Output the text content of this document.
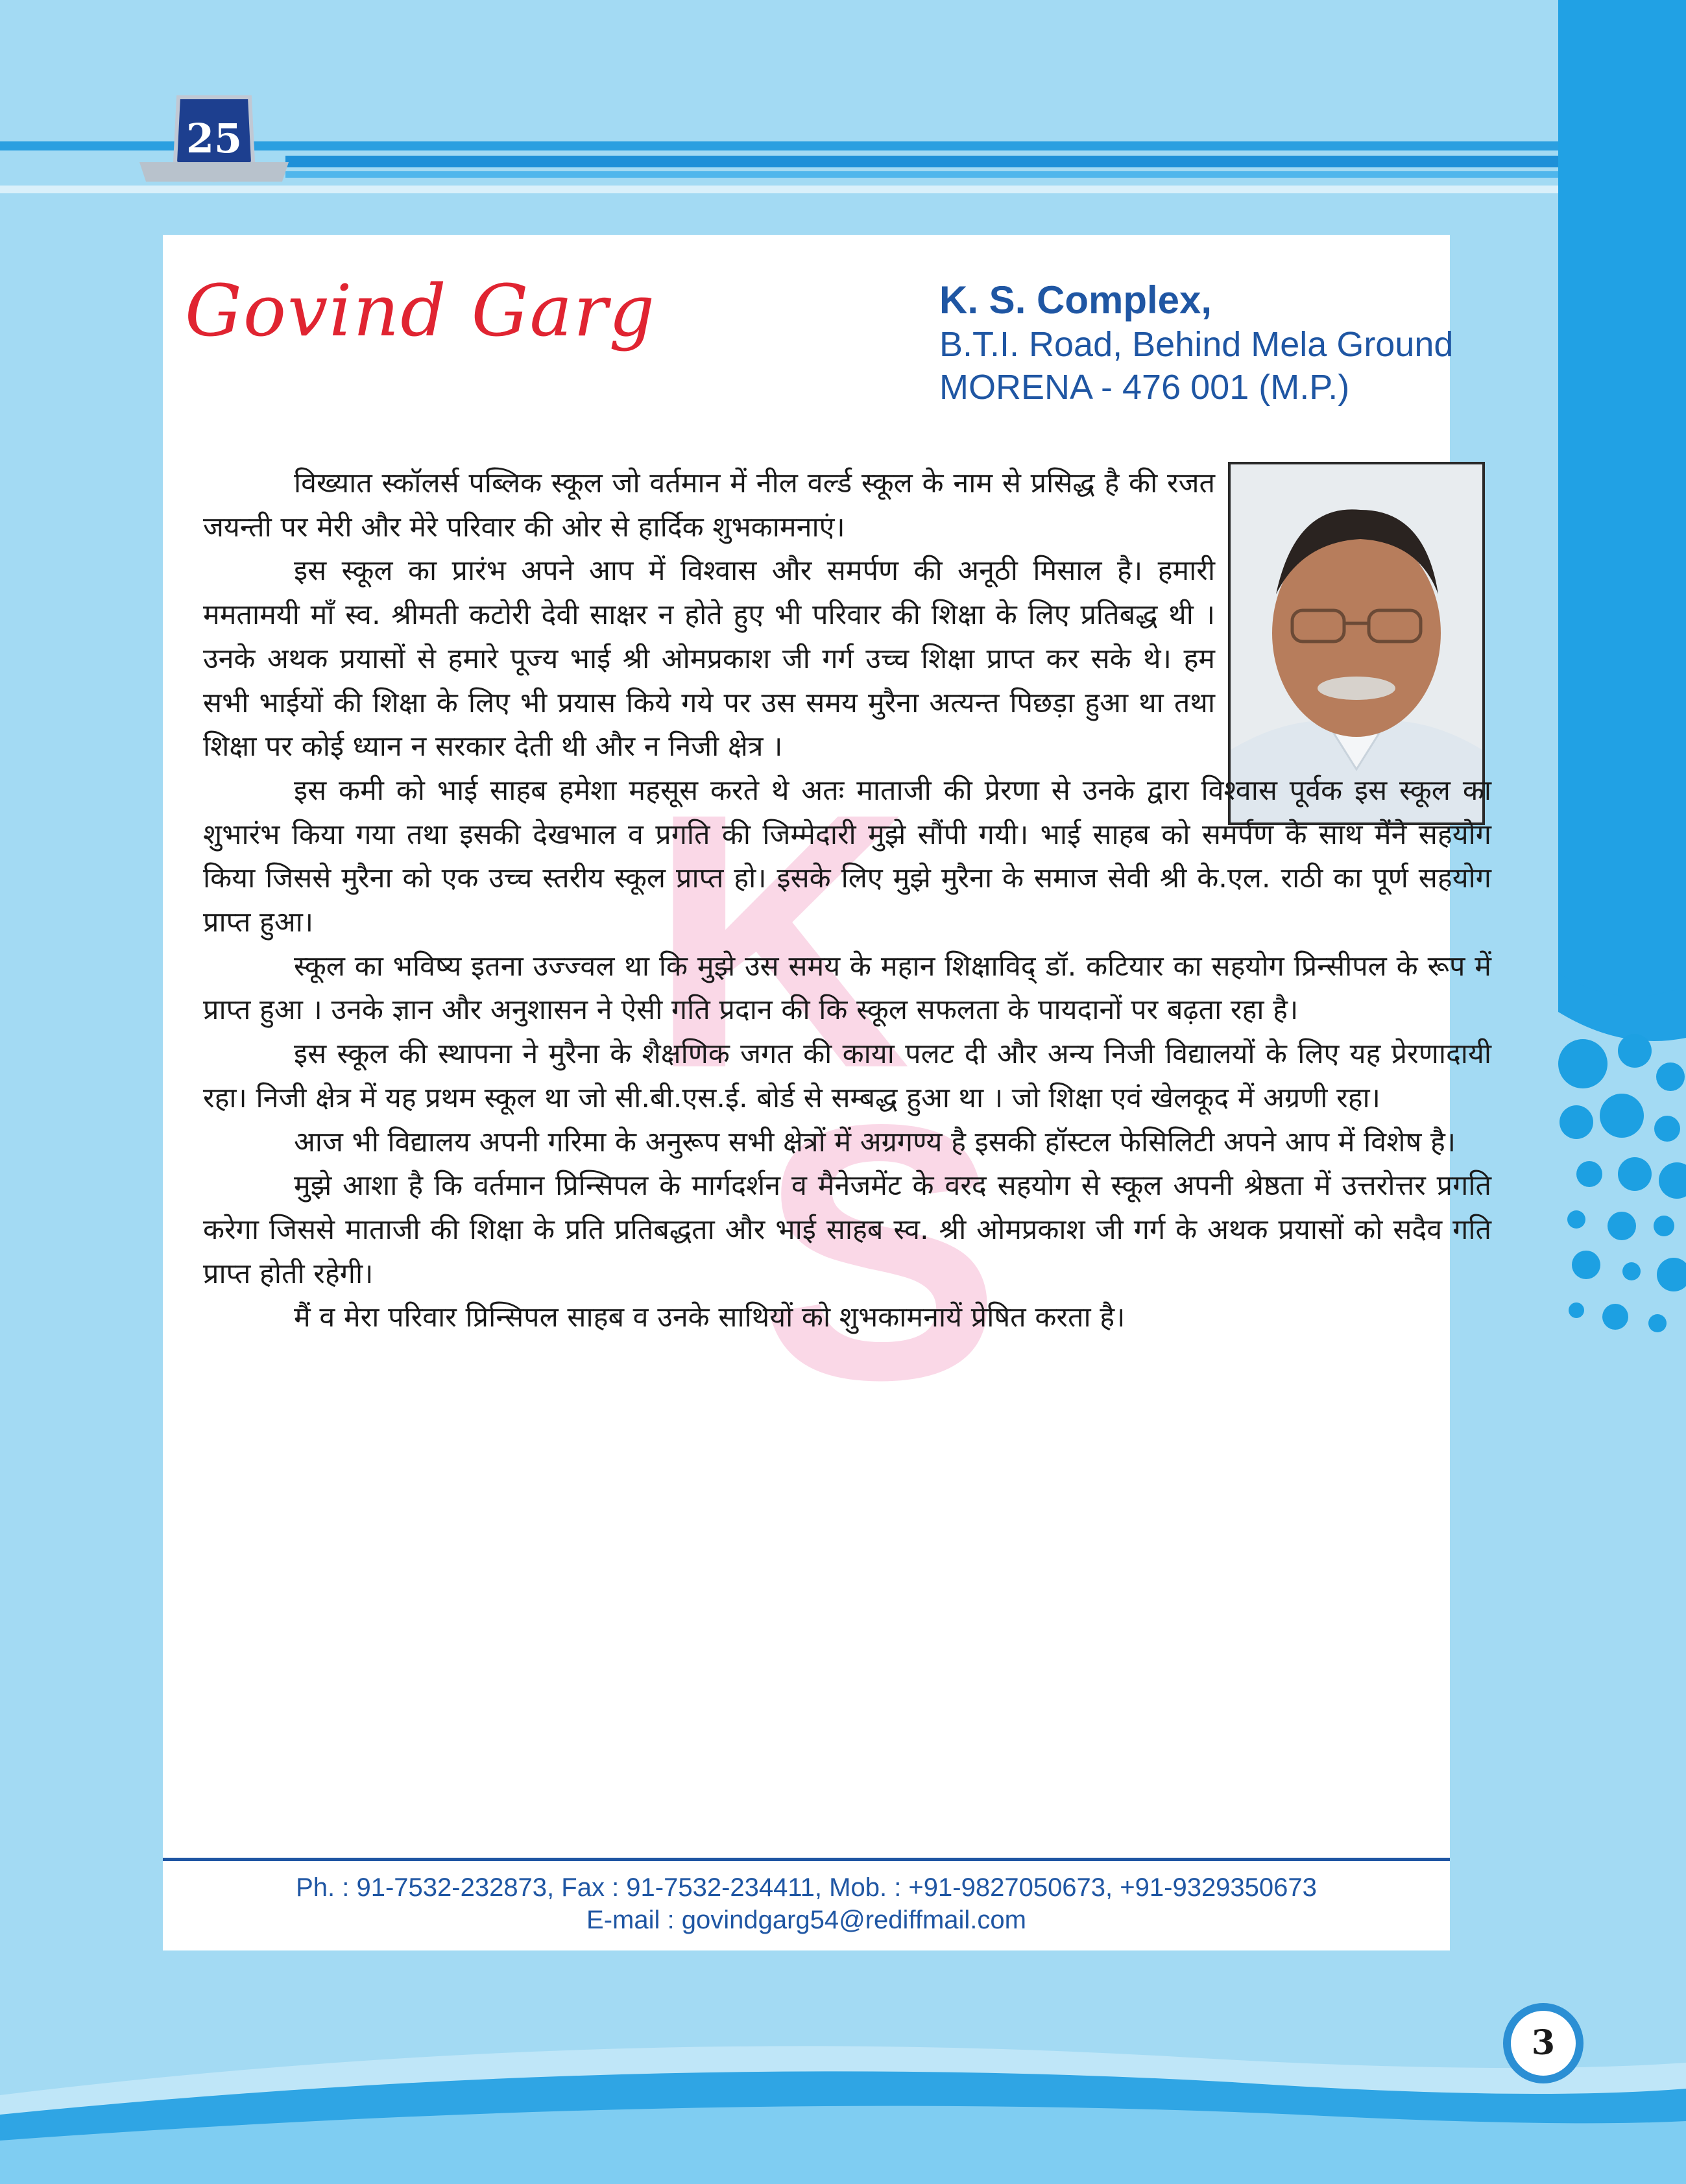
25
Govind Garg	K. S. Complex,
B.T.I. Road, Behind Mela Ground
MORENA - 476 001 (M.P.)
K
S

विख्यात स्कॉलर्स पब्लिक स्कूल जो वर्तमान में नील वर्ल्ड स्कूल के नाम से प्रसिद्ध है की रजत जयन्ती पर मेरी और मेरे परिवार की ओर से हार्दिक शुभकामनाएं।

इस स्कूल का प्रारंभ अपने आप में विश्वास और समर्पण की अनूठी मिसाल है। हमारी ममतामयी माँ स्व. श्रीमती कटोरी देवी साक्षर न होते हुए भी परिवार की शिक्षा के लिए प्रतिबद्ध थी । उनके अथक प्रयासों से हमारे पूज्य भाई श्री ओमप्रकाश जी गर्ग उच्च शिक्षा प्राप्त कर सके थे। हम सभी भाईयों की शिक्षा के लिए भी प्रयास किये गये पर उस समय मुरैना अत्यन्त पिछड़ा हुआ था तथा शिक्षा पर कोई ध्यान न सरकार देती थी और न निजी क्षेत्र ।

इस कमी को भाई साहब हमेशा महसूस करते थे अतः माताजी की प्रेरणा से उनके द्वारा विश्वास पूर्वक इस स्कूल का शुभारंभ किया गया तथा इसकी देखभाल व प्रगति की जिम्मेदारी मुझे सौंपी गयी। भाई साहब को समर्पण के साथ मैंने सहयोग किया जिससे मुरैना को एक उच्च स्तरीय स्कूल प्राप्त हो। इसके लिए मुझे मुरैना के समाज सेवी श्री के.एल. राठी का पूर्ण सहयोग प्राप्त हुआ।

स्कूल का भविष्य इतना उज्ज्वल था कि मुझे उस समय के महान शिक्षाविद् डॉ. कटियार का सहयोग प्रिन्सीपल के रूप में प्राप्त हुआ । उनके ज्ञान और अनुशासन ने ऐसी गति प्रदान की कि स्कूल सफलता के पायदानों पर बढ़ता रहा है।

इस स्कूल की स्थापना ने मुरैना के शैक्षणिक जगत की काया पलट दी और अन्य निजी विद्यालयों के लिए यह प्रेरणादायी रहा। निजी क्षेत्र में यह प्रथम स्कूल था जो सी.बी.एस.ई. बोर्ड से सम्बद्ध हुआ था । जो शिक्षा एवं खेलकूद में अग्रणी रहा।

आज भी विद्यालय अपनी गरिमा के अनुरूप सभी क्षेत्रों में अग्रगण्य है इसकी हॉस्टल फेसिलिटी अपने आप में विशेष है।

मुझे आशा है कि वर्तमान प्रिन्सिपल के मार्गदर्शन व मैनेजमेंट के वरद सहयोग से स्कूल अपनी श्रेष्ठता में उत्तरोत्तर प्रगति करेगा जिससे माताजी की शिक्षा के प्रति प्रतिबद्धता और भाई साहब स्व. श्री ओमप्रकाश जी गर्ग के अथक प्रयासों को सदैव गति प्राप्त होती रहेगी।

मैं व मेरा परिवार प्रिन्सिपल साहब व उनके साथियों को शुभकामनायें प्रेषित करता है।

Ph. : 91-7532-232873, Fax : 91-7532-234411, Mob. : +91-9827050673, +91-9329350673
E-mail : govindgarg54@rediffmail.com
3
